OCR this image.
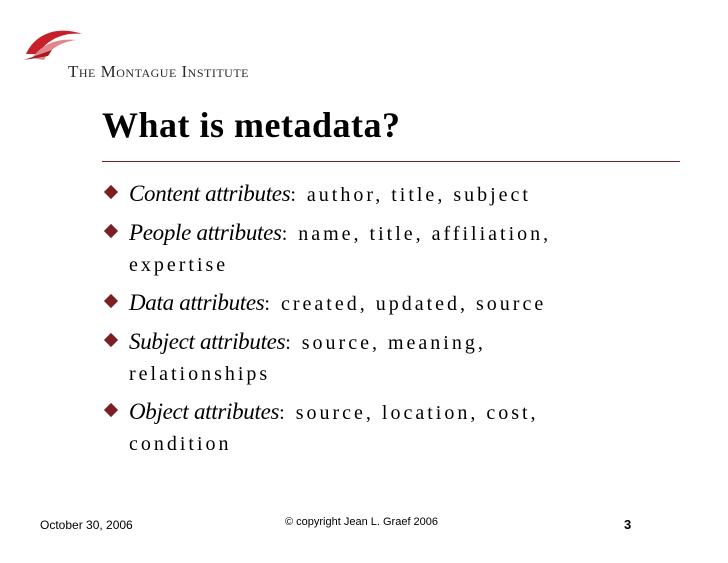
The Montague Institute
What is metadata?
Content attributes: author, title, subject
People attributes: name, title, affiliation,
expertise
Data attributes: created, updated, source
Subject attributes: source, meaning,
relationships
Object attributes: source, location, cost,
condition
October 30, 2006	© copyright Jean L. Graef 2006	3
